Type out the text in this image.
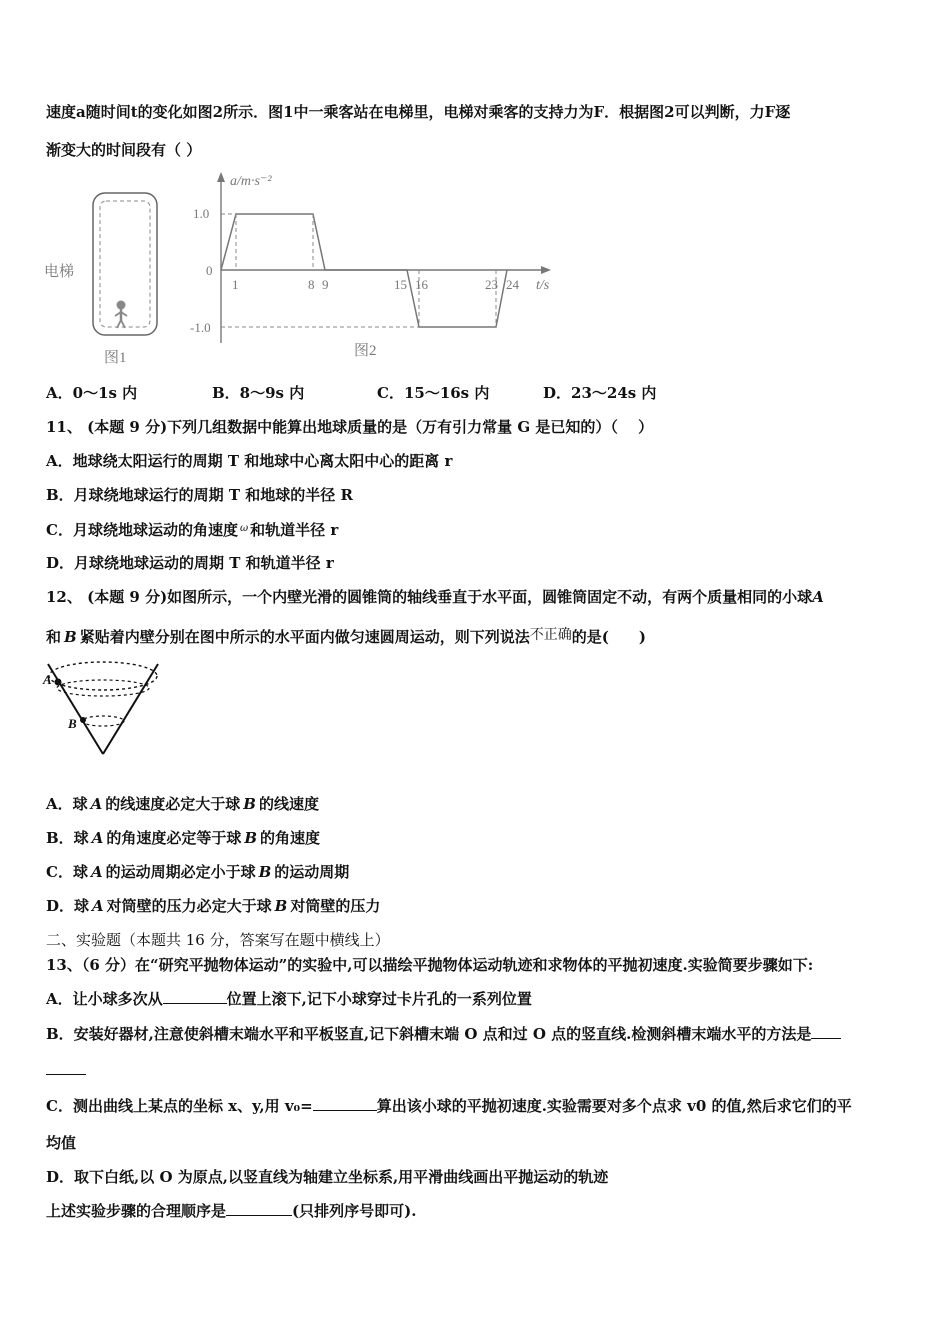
速度a随时间t的变化如图2所示．图1中一乘客站在电梯里，电梯对乘客的支持力为F．根据图2可以判断，力F逐
渐变大的时间段有（ ）
电梯
图1
a/m·s⁻²
t/s
1.0
0
-1.0
1	8 9	15 16	23 24
图2
A．0～1s 内	B．8～9s 内	C．15～16s 内	D．23～24s 内
11、 (本题 9 分)下列几组数据中能算出地球质量的是（万有引力常量 G 是已知的）（　 ）
A．地球绕太阳运行的周期 T 和地球中心离太阳中心的距离 r
B．月球绕地球运行的周期 T 和地球的半径 R
C．月球绕地球运动的角速度 $^\omega$ 和轨道半径 r
D．月球绕地球运动的周期 T 和轨道半径 r
12、 (本题 9 分)如图所示，一个内壁光滑的圆锥筒的轴线垂直于水平面，圆锥筒固定不动，有两个质量相同的小球A
和 B 紧贴着内壁分别在图中所示的水平面内做匀速圆周运动，则下列说法不正确的是(　　)
A
B
A．球 A 的线速度必定大于球 B 的线速度
B．球 A 的角速度必定等于球 B 的角速度
C．球 A 的运动周期必定小于球 B 的运动周期
D．球 A 对筒壁的压力必定大于球 B 对筒壁的压力
二、实验题（本题共 16 分，答案写在题中横线上）
13、（6 分）在“研究平抛物体运动”的实验中,可以描绘平抛物体运动轨迹和求物体的平抛初速度.实验简要步骤如下:
A．让小球多次从	位置上滚下,记下小球穿过卡片孔的一系列位置
B．安装好器材,注意使斜槽末端水平和平板竖直,记下斜槽末端 O 点和过 O 点的竖直线.检测斜槽末端水平的方法是
C．测出曲线上某点的坐标 x、y,用 v₀=	算出该小球的平抛初速度.实验需要对多个点求 v0 的值,然后求它们的平
均值
D．取下白纸,以 O 为原点,以竖直线为轴建立坐标系,用平滑曲线画出平抛运动的轨迹
上述实验步骤的合理顺序是	(只排列序号即可).
